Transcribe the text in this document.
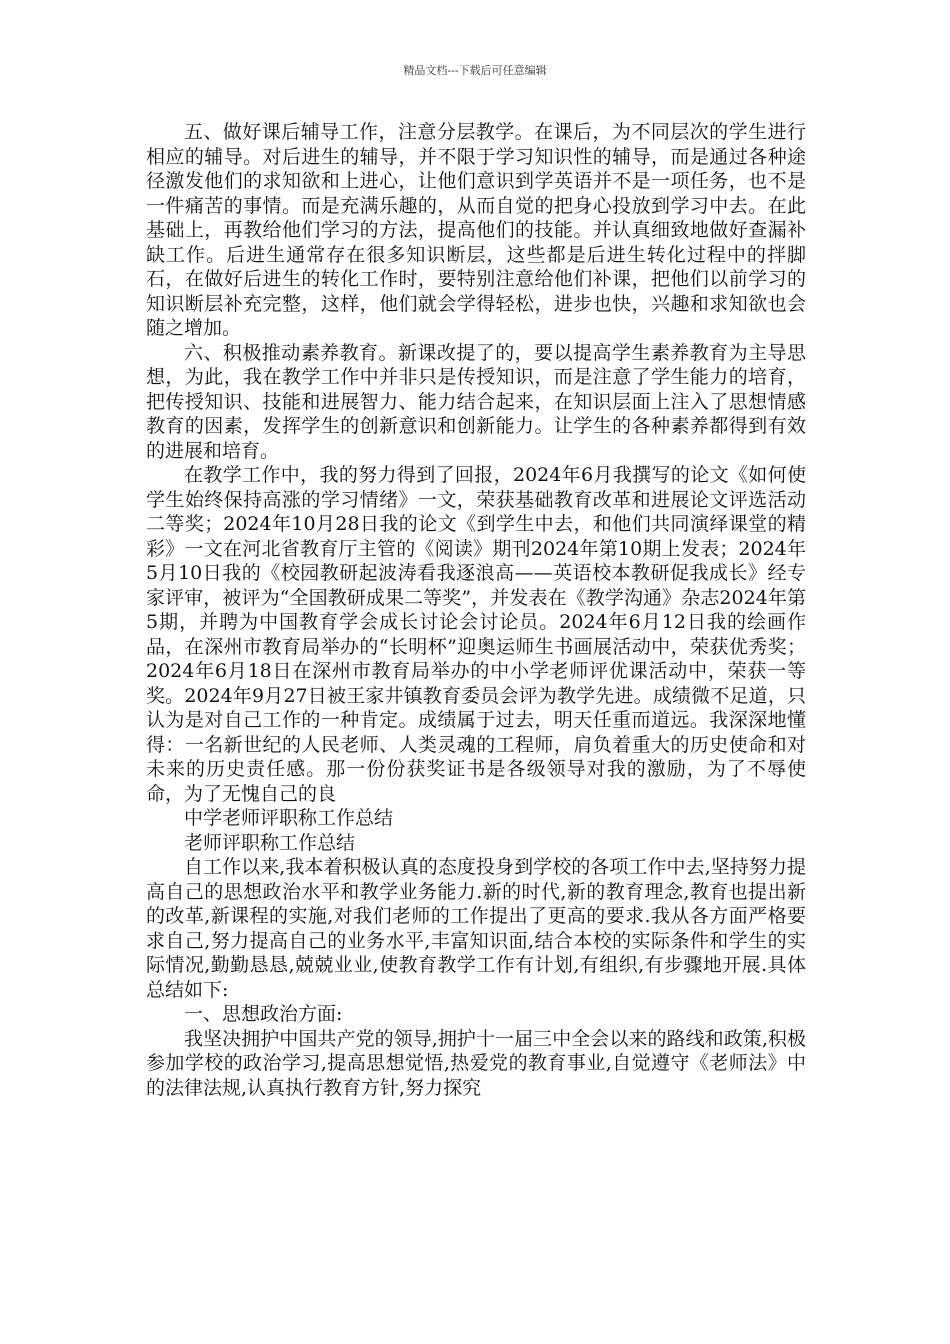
精品文档---下载后可任意编辑

五、做好课后辅导工作，注意分层教学。在课后，为不同层次的学生进行相应的辅导。对后进生的辅导，并不限于学习知识性的辅导，而是通过各种途径激发他们的求知欲和上进心，让他们意识到学英语并不是一项任务，也不是一件痛苦的事情。而是充满乐趣的，从而自觉的把身心投放到学习中去。在此基础上，再教给他们学习的方法，提高他们的技能。并认真细致地做好查漏补缺工作。后进生通常存在很多知识断层，这些都是后进生转化过程中的拌脚石，在做好后进生的转化工作时，要特别注意给他们补课，把他们以前学习的知识断层补充完整，这样，他们就会学得轻松，进步也快，兴趣和求知欲也会随之增加。

六、积极推动素养教育。新课改提了的，要以提高学生素养教育为主导思想，为此，我在教学工作中并非只是传授知识，而是注意了学生能力的培育，把传授知识、技能和进展智力、能力结合起来，在知识层面上注入了思想情感教育的因素，发挥学生的创新意识和创新能力。让学生的各种素养都得到有效的进展和培育。

在教学工作中，我的努力得到了回报，2024年6月我撰写的论文《如何使学生始终保持高涨的学习情绪》一文，荣获基础教育改革和进展论文评选活动二等奖；2024年10月28日我的论文《到学生中去，和他们共同演绎课堂的精彩》一文在河北省教育厅主管的《阅读》期刊2024年第10期上发表；2024年5月10日我的《校园教研起波涛看我逐浪高——英语校本教研促我成长》经专家评审，被评为“全国教研成果二等奖”，并发表在《教学沟通》杂志2024年第5期，并聘为中国教育学会成长讨论会讨论员。2024年6月12日我的绘画作品，在深州市教育局举办的“长明杯”迎奥运师生书画展活动中，荣获优秀奖；2024年6月18日在深州市教育局举办的中小学老师评优课活动中，荣获一等奖。2024年9月27日被王家井镇教育委员会评为教学先进。成绩微不足道，只认为是对自己工作的一种肯定。成绩属于过去，明天任重而道远。我深深地懂得：一名新世纪的人民老师、人类灵魂的工程师，肩负着重大的历史使命和对未来的历史责任感。那一份份获奖证书是各级领导对我的激励，为了不辱使命，为了无愧自己的良

中学老师评职称工作总结

老师评职称工作总结

自工作以来,我本着积极认真的态度投身到学校的各项工作中去,坚持努力提高自己的思想政治水平和教学业务能力.新的时代,新的教育理念,教育也提出新的改革,新课程的实施,对我们老师的工作提出了更高的要求.我从各方面严格要求自己,努力提高自己的业务水平,丰富知识面,结合本校的实际条件和学生的实际情况,勤勤恳恳,兢兢业业,使教育教学工作有计划,有组织,有步骤地开展.具体总结如下:

一、思想政治方面:

我坚决拥护中国共产党的领导,拥护十一届三中全会以来的路线和政策,积极参加学校的政治学习,提高思想觉悟,热爱党的教育事业,自觉遵守《老师法》中的法律法规,认真执行教育方针,努力探究
